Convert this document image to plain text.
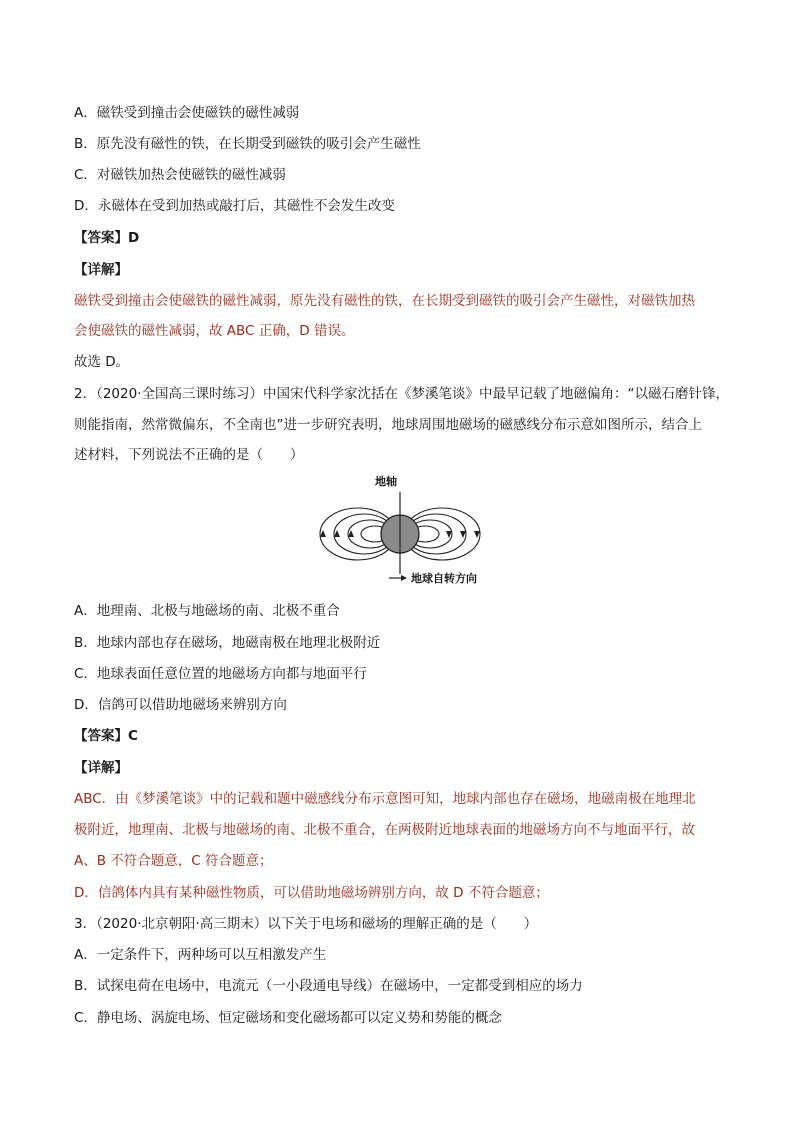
A．磁铁受到撞击会使磁铁的磁性减弱
B．原先没有磁性的铁，在长期受到磁铁的吸引会产生磁性
C．对磁铁加热会使磁铁的磁性减弱
D．永磁体在受到加热或敲打后，其磁性不会发生改变
【答案】D
【详解】
磁铁受到撞击会使磁铁的磁性减弱，原先没有磁性的铁，在长期受到磁铁的吸引会产生磁性，对磁铁加热
会使磁铁的磁性减弱，故 ABC 正确，D 错误。
故选 D。
2．（2020·全国高三课时练习）中国宋代科学家沈括在《梦溪笔谈》中最早记载了地磁偏角：“以磁石磨针锋，
则能指南，然常微偏东，不全南也”进一步研究表明，地球周围地磁场的磁感线分布示意如图所示，结合上
述材料，下列说法不正确的是（　　）
地轴
地球自转方向
A．地理南、北极与地磁场的南、北极不重合
B．地球内部也存在磁场，地磁南极在地理北极附近
C．地球表面任意位置的地磁场方向都与地面平行
D．信鸽可以借助地磁场来辨别方向
【答案】C
【详解】
ABC．由《梦溪笔谈》中的记载和题中磁感线分布示意图可知，地球内部也存在磁场，地磁南极在地理北
极附近，地理南、北极与地磁场的南、北极不重合，在两极附近地球表面的地磁场方向不与地面平行，故
A、B 不符合题意，C 符合题意；
D．信鸽体内具有某种磁性物质，可以借助地磁场辨别方向，故 D 不符合题意；
3．（2020·北京朝阳·高三期末）以下关于电场和磁场的理解正确的是（　　）
A．一定条件下，两种场可以互相激发产生
B．试探电荷在电场中，电流元（一小段通电导线）在磁场中，一定都受到相应的场力
C．静电场、涡旋电场、恒定磁场和变化磁场都可以定义势和势能的概念
